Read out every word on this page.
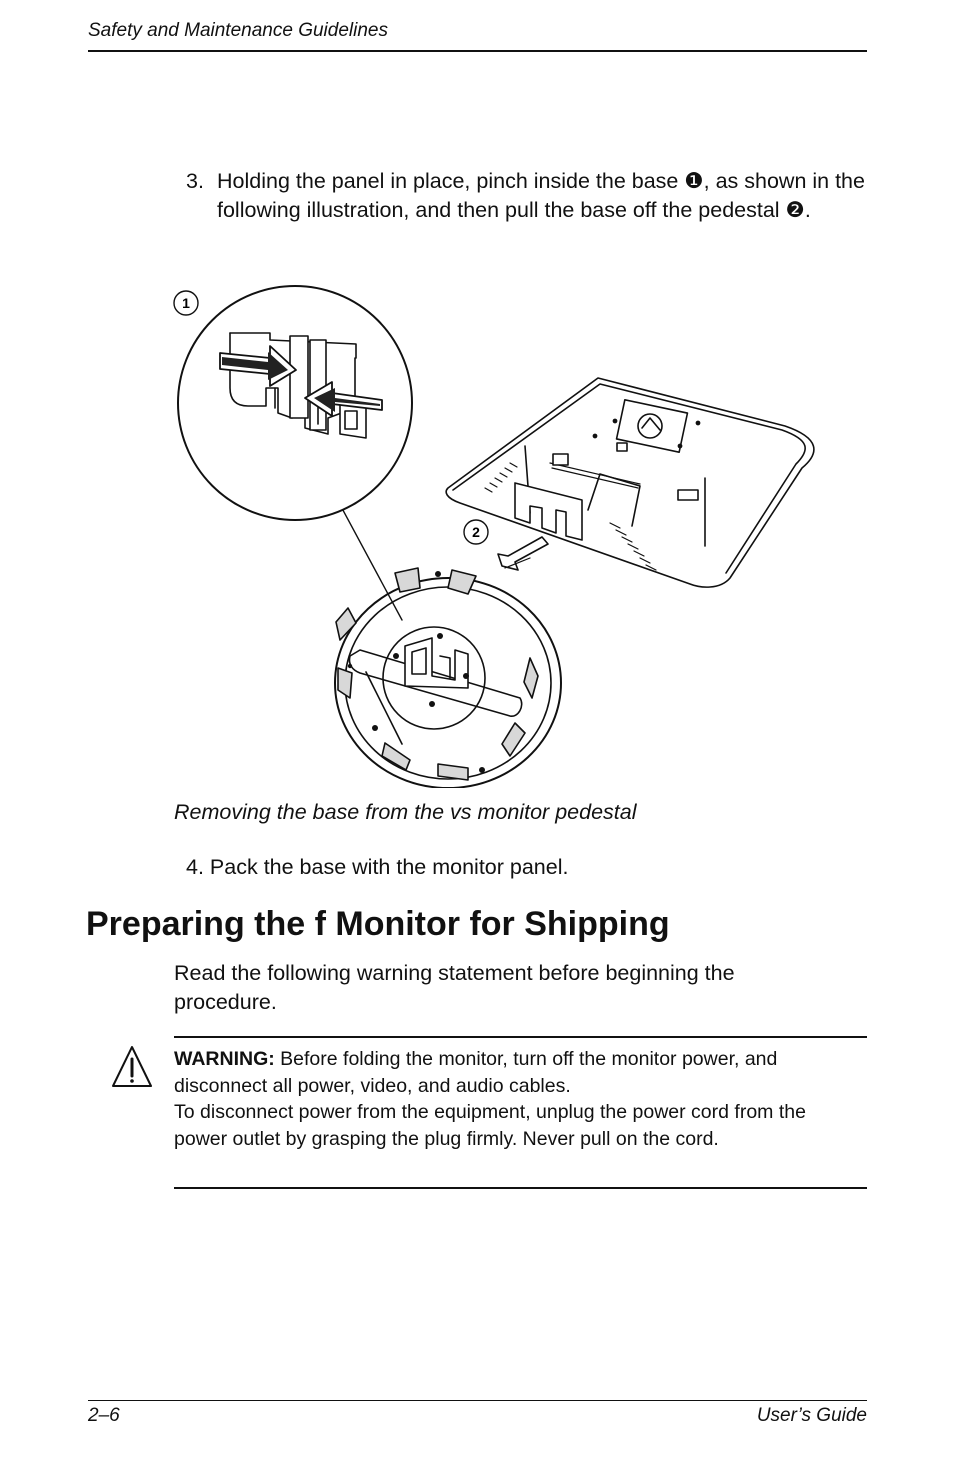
Safety and Maintenance Guidelines
3. Holding the panel in place, pinch inside the base ❶, as shown in the following illustration, and then pull the base off the pedestal ❷.
1
2
Removing the base from the vs monitor pedestal
4. Pack the base with the monitor panel.
Preparing the f Monitor for Shipping
Read the following warning statement before beginning the procedure.
WARNING: Before folding the monitor, turn off the monitor power, and disconnect all power, video, and audio cables.
To disconnect power from the equipment, unplug the power cord from the power outlet by grasping the plug firmly. Never pull on the cord.
2–6	User’s Guide
